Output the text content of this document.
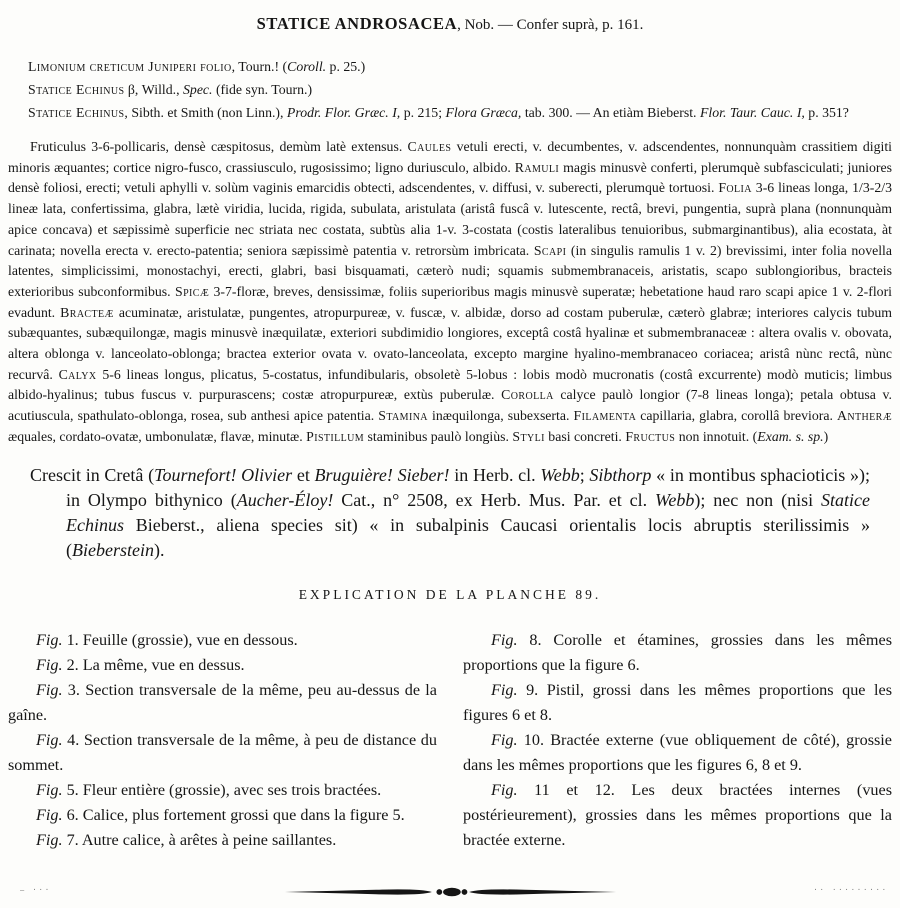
STATICE ANDROSACEA, Nob. — Confer suprà, p. 161.

Limonium creticum Juniperi folio, Tourn.! (Coroll. p. 25.)

Statice Echinus β, Willd., Spec. (fide syn. Tourn.)

Statice Echinus, Sibth. et Smith (non Linn.), Prodr. Flor. Græc. I, p. 215; Flora Græca, tab. 300. — An etiàm Bieberst. Flor. Taur. Cauc. I, p. 351?

Fruticulus 3-6-pollicaris, densè cæspitosus, demùm latè extensus. Caules vetuli erecti, v. decumbentes, v. adscendentes, nonnunquàm crassitiem digiti minoris æquantes; cortice nigro-fusco, crassiusculo, rugosissimo; ligno duriusculo, albido. Ramuli magis minusvè conferti, plerumquè subfasciculati; juniores densè foliosi, erecti; vetuli aphylli v. solùm vaginis emarcidis obtecti, adscendentes, v. diffusi, v. suberecti, plerumquè tortuosi. Folia 3-6 lineas longa, 1/3-2/3 lineæ lata, confertissima, glabra, lætè viridia, lucida, rigida, subulata, aristulata (aristâ fuscâ v. lutescente, rectâ, brevi, pungentia, suprà plana (nonnunquàm apice concava) et sæpissimè superficie nec striata nec costata, subtùs alia 1-v. 3-costata (costis lateralibus tenuioribus, submarginantibus), alia ecostata, àt carinata; novella erecta v. erecto-patentia; seniora sæpissimè patentia v. retrorsùm imbricata. Scapi (in singulis ramulis 1 v. 2) brevissimi, inter folia novella latentes, simplicissimi, monostachyi, erecti, glabri, basi bisquamati, cæterò nudi; squamis submembranaceis, aristatis, scapo sublongioribus, bracteis exterioribus subconformibus. Spicæ 3-7-floræ, breves, densissimæ, foliis superioribus magis minusvè superatæ; hebetatione haud raro scapi apice 1 v. 2-flori evadunt. Bracteæ acuminatæ, aristulatæ, pungentes, atropurpureæ, v. fuscæ, v. albidæ, dorso ad costam puberulæ, cæterò glabræ; interiores calycis tubum subæquantes, subæquilongæ, magis minusvè inæquilatæ, exteriori subdimidio longiores, exceptâ costâ hyalinæ et submembranaceæ : altera ovalis v. obovata, altera oblonga v. lanceolato-oblonga; bractea exterior ovata v. ovato-lanceolata, excepto margine hyalino-membranaceo coriacea; aristâ nùnc rectâ, nùnc recurvâ. Calyx 5-6 lineas longus, plicatus, 5-costatus, infundibularis, obsoletè 5-lobus : lobis modò mucronatis (costâ excurrente) modò muticis; limbus albido-hyalinus; tubus fuscus v. purpurascens; costæ atropurpureæ, extùs puberulæ. Corolla calyce paulò longior (7-8 lineas longa); petala obtusa v. acutiuscula, spathulato-oblonga, rosea, sub anthesi apice patentia. Stamina inæquilonga, subexserta. Filamenta capillaria, glabra, corollâ breviora. Antheræ æquales, cordato-ovatæ, umbonulatæ, flavæ, minutæ. Pistillum staminibus paulò longiùs. Styli basi concreti. Fructus non innotuit. (Exam. s. sp.)

Crescit in Cretâ (Tournefort! Olivier et Bruguière! Sieber! in Herb. cl. Webb; Sibthorp « in montibus sphacioticis »); in Olympo bithynico (Aucher-Éloy! Cat., n° 2508, ex Herb. Mus. Par. et cl. Webb); nec non (nisi Statice Echinus Bieberst., aliena species sit) « in subalpinis Caucasi orientalis locis abruptis sterilissimis » (Bieberstein).

EXPLICATION DE LA PLANCHE 89.

Fig. 1. Feuille (grossie), vue en dessous.

Fig. 2. La même, vue en dessus.

Fig. 3. Section transversale de la même, peu au-dessus de la gaîne.

Fig. 4. Section transversale de la même, à peu de distance du sommet.

Fig. 5. Fleur entière (grossie), avec ses trois bractées.

Fig. 6. Calice, plus fortement grossi que dans la figure 5.

Fig. 7. Autre calice, à arêtes à peine saillantes.

Fig. 8. Corolle et étamines, grossies dans les mêmes proportions que la figure 6.

Fig. 9. Pistil, grossi dans les mêmes proportions que les figures 6 et 8.

Fig. 10. Bractée externe (vue obliquement de côté), grossie dans les mêmes proportions que les figures 6, 8 et 9.

Fig. 11 et 12. Les deux bractées internes (vues postérieurement), grossies dans les mêmes proportions que la bractée externe.

— ···	·· ·········
